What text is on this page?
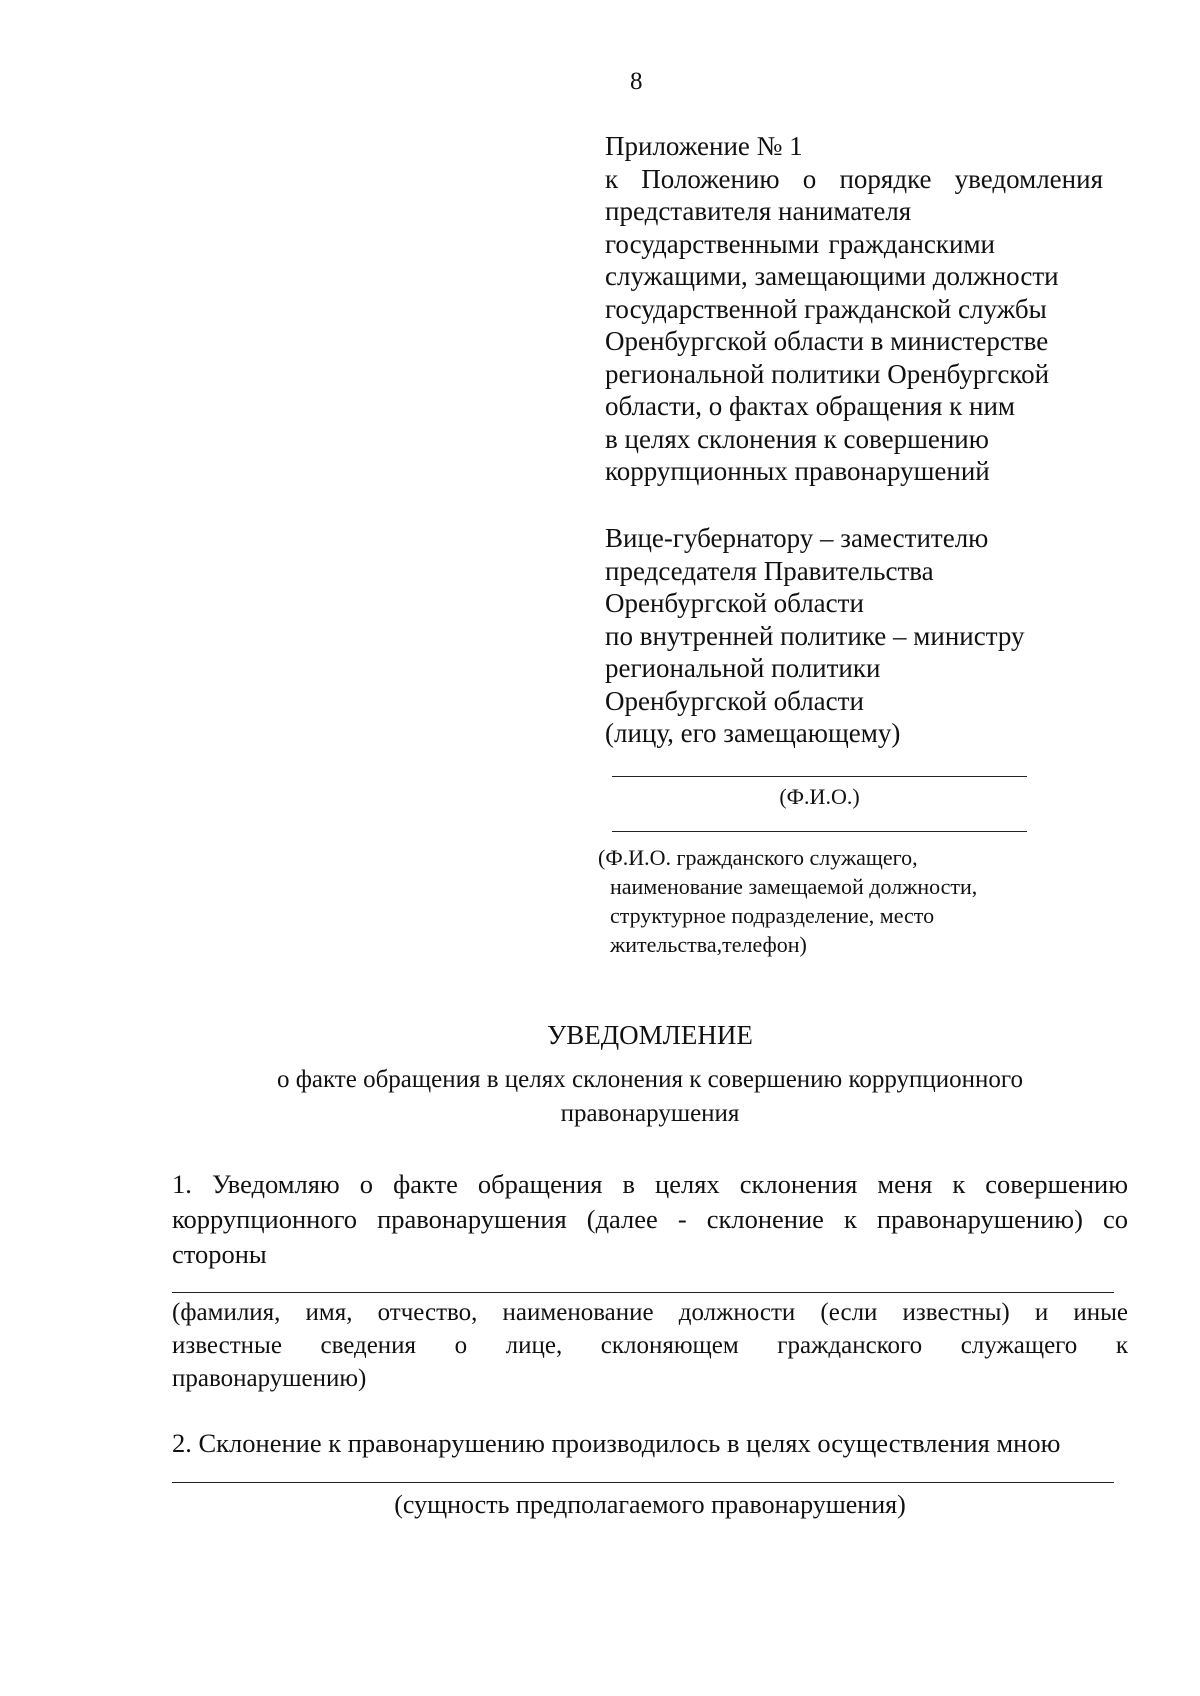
8
Приложение № 1
к Положению о порядке уведомления
представителя нанимателя
государственными гражданскими
служащими, замещающими должности
государственной гражданской службы
Оренбургской области в министерстве
региональной политики Оренбургской
области, о фактах обращения к ним
в целях склонения к совершению
коррупционных правонарушений
Вице-губернатору – заместителю
председателя Правительства
Оренбургской области
по внутренней политике – министру
региональной политики
Оренбургской области
(лицу, его замещающему)
(Ф.И.О.)
(Ф.И.О. гражданского служащего,
наименование замещаемой должности,
структурное подразделение, место
жительства,телефон)
УВЕДОМЛЕНИЕ
о факте обращения в целях склонения к совершению коррупционного
правонарушения
1. Уведомляю о факте обращения в целях склонения меня к совершению
коррупционного правонарушения (далее - склонение к правонарушению) со
стороны
(фамилия, имя, отчество, наименование должности (если известны) и иные
известные сведения о лице, склоняющем гражданского служащего к
правонарушению)
2. Склонение к правонарушению производилось в целях осуществления мною
(сущность предполагаемого правонарушения)
